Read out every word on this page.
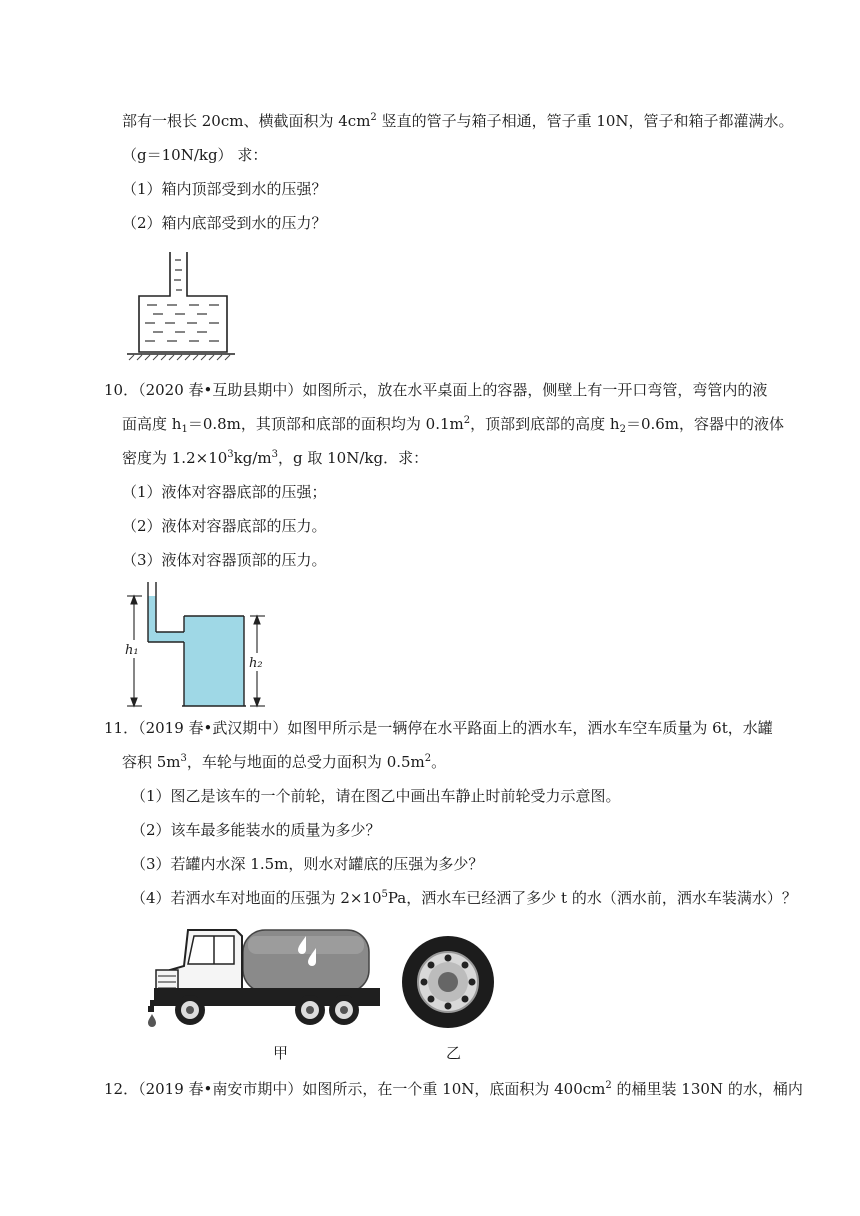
部有一根长 20cm、横截面积为 $4cm^2$ 竖直的管子与箱子相通，管子重 10N，管子和箱子都灌满水。
（g＝10N/kg） 求：
（1）箱内顶部受到水的压强？
（2）箱内底部受到水的压力？
10．（2020 春•互助县期中）如图所示，放在水平桌面上的容器，侧壁上有一开口弯管，弯管内的液
面高度 $h_1=0.8m$，其顶部和底部的面积均为 $0.1m^2$，顶部到底部的高度 $h_2=0.6m$，容器中的液体
密度为 $1.2\times 10^3kg/m^3$，g 取 10N/kg．求：
（1）液体对容器底部的压强；
（2）液体对容器底部的压力。
（3）液体对容器顶部的压力。
h₁
h₂
11．（2019 春•武汉期中）如图甲所示是一辆停在水平路面上的洒水车，洒水车空车质量为 6t，水罐
容积 $5m^3$，车轮与地面的总受力面积为 $0.5m^2$。
（1）图乙是该车的一个前轮，请在图乙中画出车静止时前轮受力示意图。
（2）该车最多能装水的质量为多少？
（3）若罐内水深 1.5m，则水对罐底的压强为多少？
（4）若洒水车对地面的压强为 $2\times 10^5Pa$，洒水车已经洒了多少 t 的水（洒水前，洒水车装满水）？
甲	乙
12．（2019 春•南安市期中）如图所示，在一个重 10N，底面积为 $400cm^2$ 的桶里装 130N 的水，桶内
